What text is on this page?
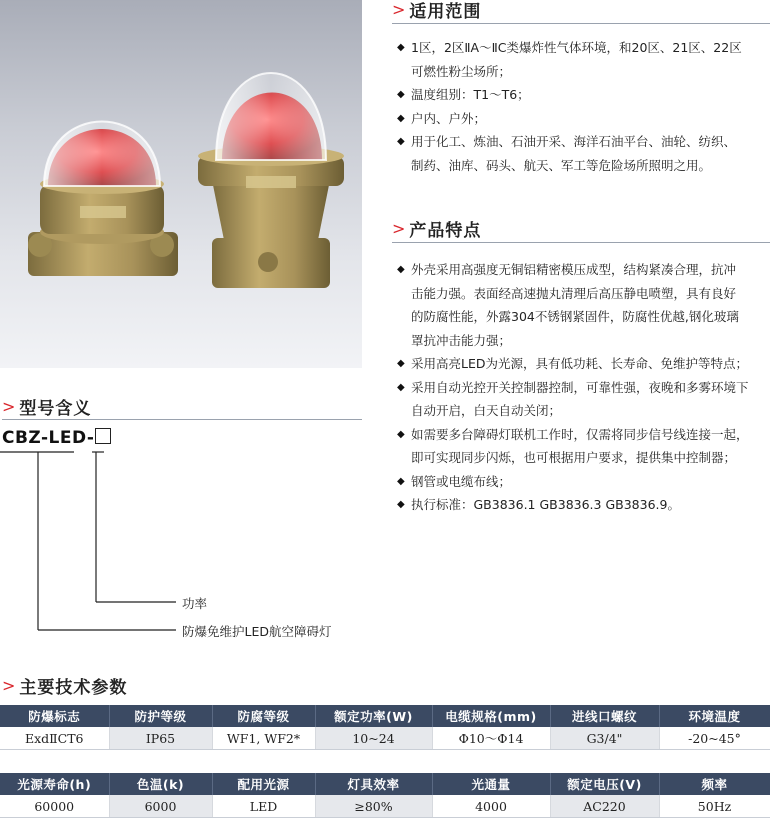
> 适用范围
◆ 1区，2区ⅡA～ⅡC类爆炸性气体环境，和20区、21区、22区
可燃性粉尘场所；
◆ 温度组别：T1～T6；
◆ 户内、户外；
◆ 用于化工、炼油、石油开采、海洋石油平台、油轮、纺织、
制药、油库、码头、航天、军工等危险场所照明之用。
> 产品特点
◆ 外壳采用高强度无铜铝精密模压成型，结构紧凑合理，抗冲
击能力强。表面经高速抛丸清理后高压静电喷塑，具有良好
的防腐性能，外露304不锈钢紧固件，防腐性优越,钢化玻璃
罩抗冲击能力强；
◆ 采用高亮LED为光源，具有低功耗、长寿命、免维护等特点；
◆ 采用自动光控开关控制器控制，可靠性强，夜晚和多雾环境下
自动开启，白天自动关闭；
◆ 如需要多台障碍灯联机工作时，仅需将同步信号线连接一起，
即可实现同步闪烁，也可根据用户要求，提供集中控制器；
◆ 钢管或电缆布线；
◆ 执行标准：GB3836.1 GB3836.3 GB3836.9。
> 型号含义
CBZ-LED-
功率
防爆免维护LED航空障碍灯
> 主要技术参数
防爆标志	防护等级	防腐等级	额定功率(W)	电缆规格(mm)	进线口螺纹	环境温度
ExdⅡCT6	IP65	WF1, WF2*	10~24	Φ10～Φ14	G3/4"	-20~45°
光源寿命(h)	色温(k)	配用光源	灯具效率	光通量	额定电压(V)	频率
60000	6000	LED	≥80%	4000	AC220	50Hz
